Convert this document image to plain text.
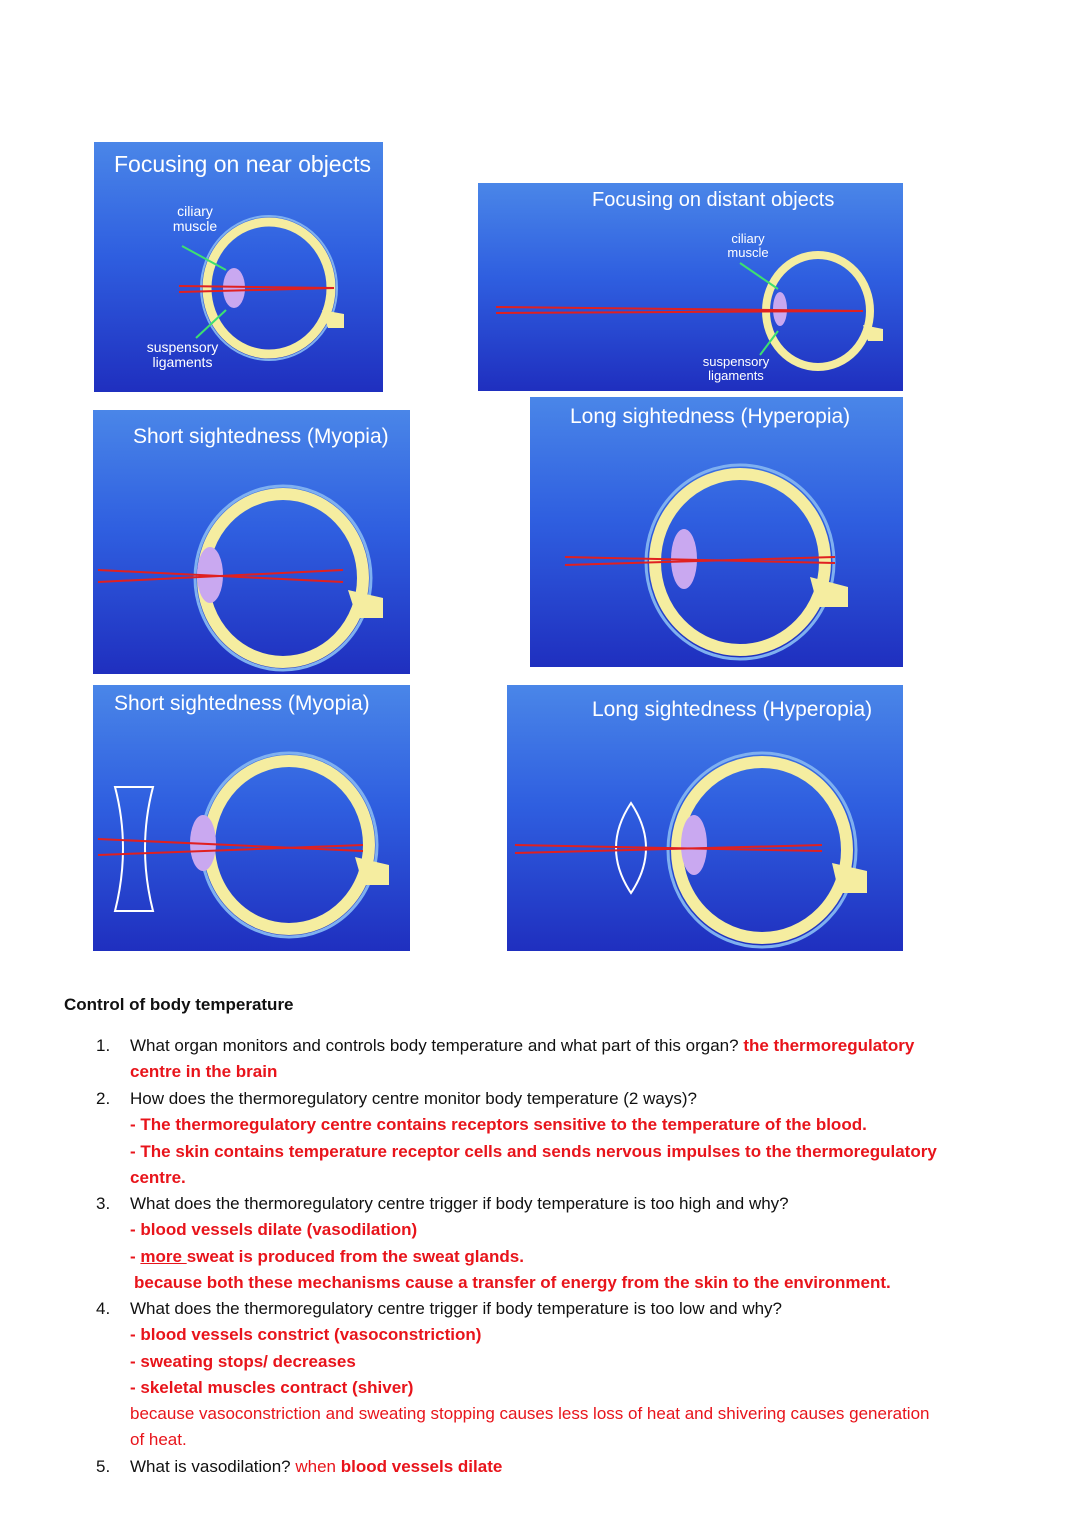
Focusing on near objects
ciliary muscle
suspensory ligaments
Focusing on distant objects
ciliary muscle
suspensory ligaments
Short sightedness (Myopia)
Long sightedness (Hyperopia)
Short sightedness (Myopia)	Long sightedness (Hyperopia)
Control of body temperature
1. What organ monitors and controls body temperature and what part of this organ? the thermoregulatory
centre in the brain
2. How does the thermoregulatory centre monitor body temperature (2 ways)?
- The thermoregulatory centre contains receptors sensitive to the temperature of the blood.
- The skin contains temperature receptor cells and sends nervous impulses to the thermoregulatory
centre.
3. What does the thermoregulatory centre trigger if body temperature is too high and why?
- blood vessels dilate (vasodilation)
- more sweat is produced from the sweat glands.
because both these mechanisms cause a transfer of energy from the skin to the environment.
4. What does the thermoregulatory centre trigger if body temperature is too low and why?
- blood vessels constrict (vasoconstriction)
- sweating stops/ decreases
- skeletal muscles contract (shiver)
because vasoconstriction and sweating stopping causes less loss of heat and shivering causes generation
of heat.
5. What is vasodilation? when blood vessels dilate
